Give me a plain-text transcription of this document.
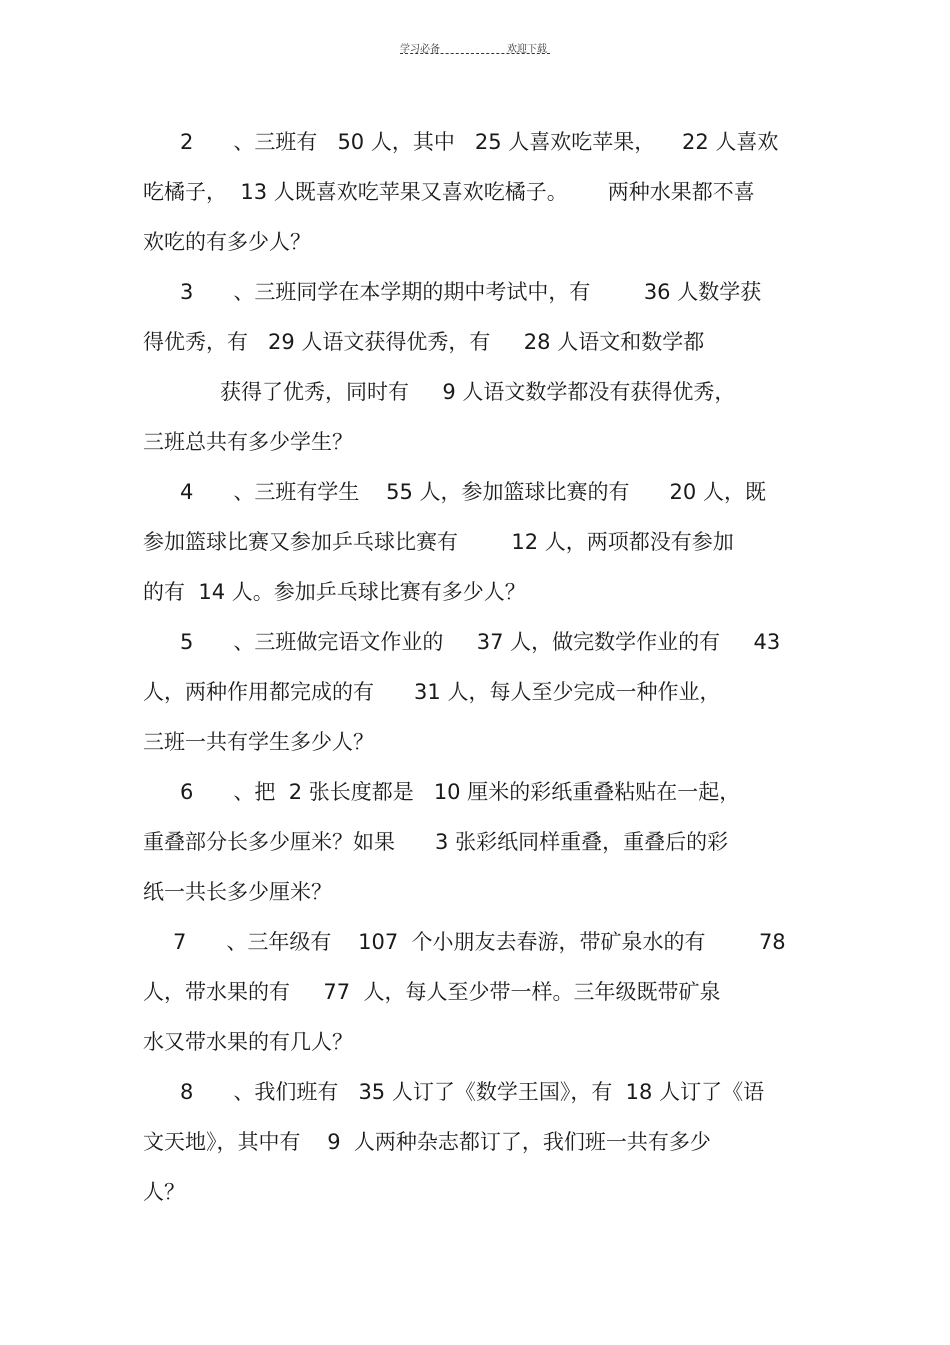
学习必备	欢迎下载
2      、三班有   50 人，其中   25 人喜欢吃苹果，    22 人喜欢
吃橘子，  13 人既喜欢吃苹果又喜欢吃橘子。      两种水果都不喜
欢吃的有多少人？
3      、三班同学在本学期的期中考试中，有        36 人数学获
得优秀，有   29 人语文获得优秀，有     28 人语文和数学都
获得了优秀，同时有     9 人语文数学都没有获得优秀，
三班总共有多少学生？
4      、三班有学生    55 人，参加篮球比赛的有      20 人，既
参加篮球比赛又参加乒乓球比赛有        12 人，两项都没有参加
的有  14 人。参加乒乓球比赛有多少人？
5      、三班做完语文作业的     37 人，做完数学作业的有     43
人，两种作用都完成的有      31 人，每人至少完成一种作业，
三班一共有学生多少人？
6      、把  2 张长度都是   10 厘米的彩纸重叠粘贴在一起，
重叠部分长多少厘米？如果      3 张彩纸同样重叠，重叠后的彩
纸一共长多少厘米？
7      、三年级有    107  个小朋友去春游，带矿泉水的有        78
人，带水果的有     77  人，每人至少带一样。三年级既带矿泉
水又带水果的有几人？
8      、我们班有   35 人订了《数学王国》，有  18 人订了《语
文天地》，其中有    9  人两种杂志都订了，我们班一共有多少
人？
